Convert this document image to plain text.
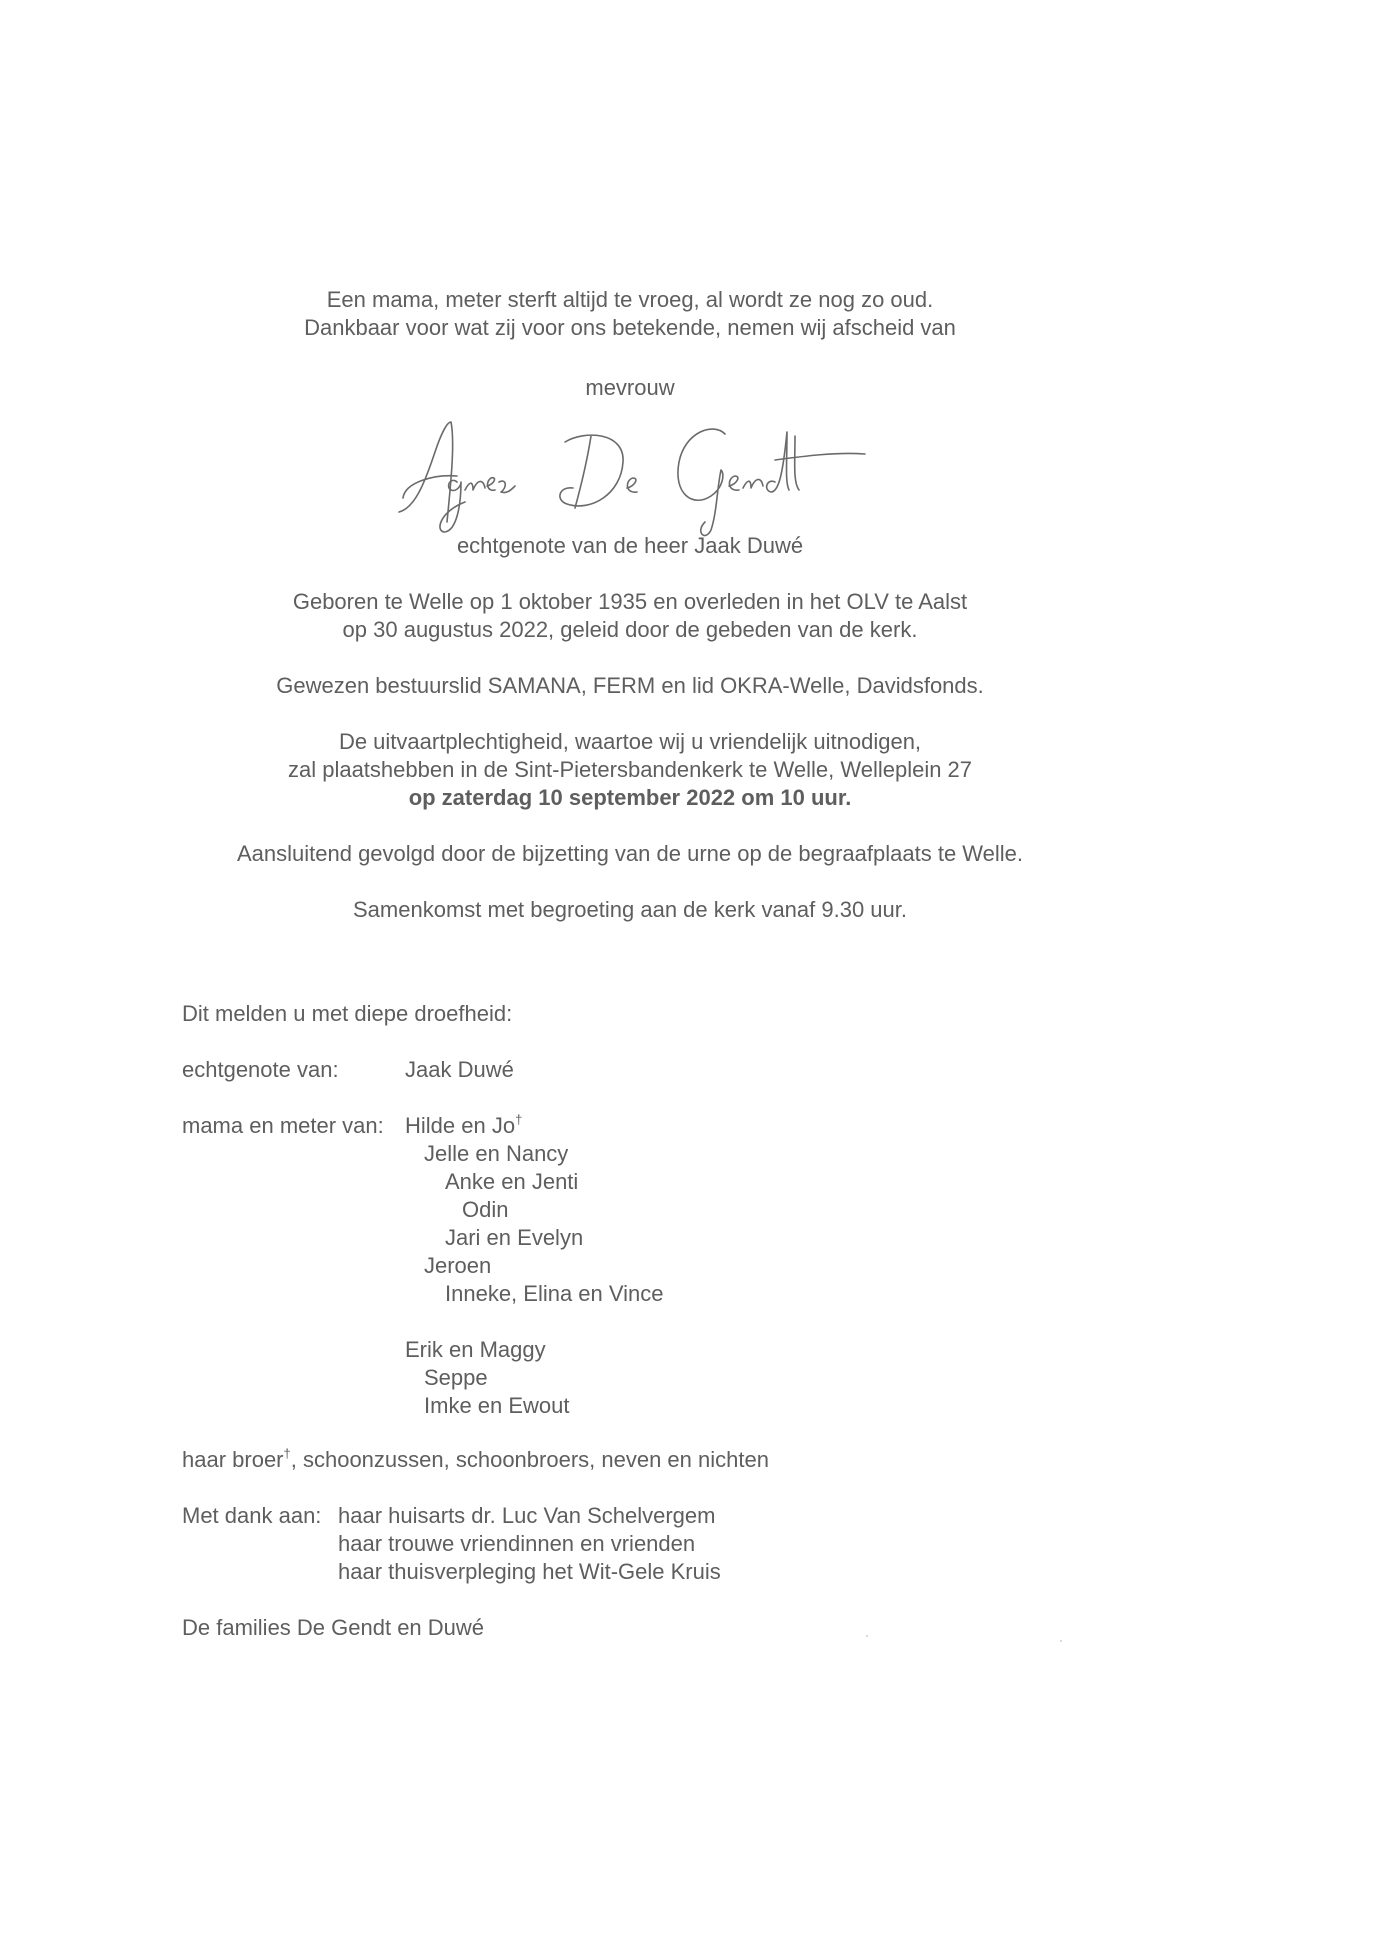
Een mama, meter sterft altijd te vroeg, al wordt ze nog zo oud.
Dankbaar voor wat zij voor ons betekende, nemen wij afscheid van
mevrouw
echtgenote van de heer Jaak Duwé
Geboren te Welle op 1 oktober 1935 en overleden in het OLV te Aalst
op 30 augustus 2022, geleid door de gebeden van de kerk.
Gewezen bestuurslid SAMANA, FERM en lid OKRA-Welle, Davidsfonds.
De uitvaartplechtigheid, waartoe wij u vriendelijk uitnodigen,
zal plaatshebben in de Sint-Pietersbandenkerk te Welle, Welleplein 27
op zaterdag 10 september 2022 om 10 uur.
Aansluitend gevolgd door de bijzetting van de urne op de begraafplaats te Welle.
Samenkomst met begroeting aan de kerk vanaf 9.30 uur.
Dit melden u met diepe droefheid:
echtgenote van:	Jaak Duwé
mama en meter van: Hilde en Jo†
Jelle en Nancy
Anke en Jenti
Odin
Jari en Evelyn
Jeroen
Inneke, Elina en Vince
Erik en Maggy
Seppe
Imke en Ewout
haar broer†, schoonzussen, schoonbroers, neven en nichten
Met dank aan: haar huisarts dr. Luc Van Schelvergem
haar trouwe vriendinnen en vrienden
haar thuisverpleging het Wit-Gele Kruis
De families De Gendt en Duwé
